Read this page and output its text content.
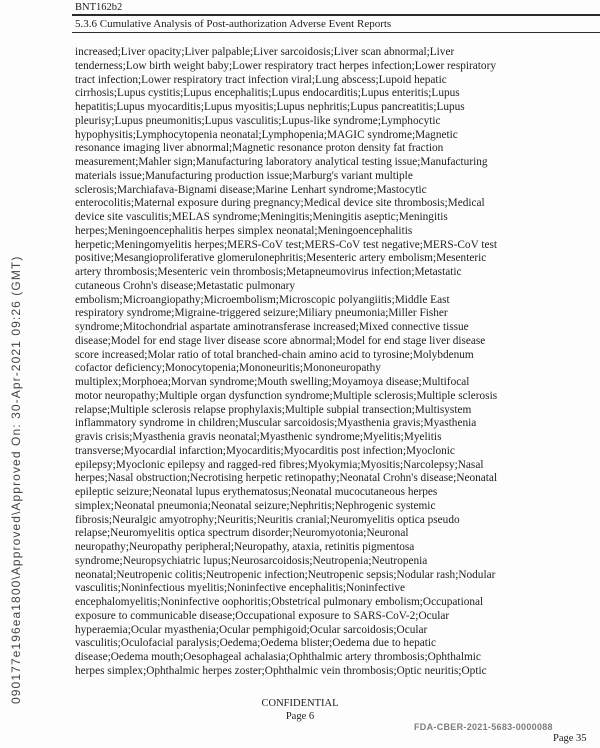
090177e196ea1800\Approved\Approved On: 30-Apr-2021 09:26 (GMT)
BNT162b2
5.3.6 Cumulative Analysis of Post-authorization Adverse Event Reports
increased;Liver opacity;Liver palpable;Liver sarcoidosis;Liver scan abnormal;Liver
tenderness;Low birth weight baby;Lower respiratory tract herpes infection;Lower respiratory
tract infection;Lower respiratory tract infection viral;Lung abscess;Lupoid hepatic
cirrhosis;Lupus cystitis;Lupus encephalitis;Lupus endocarditis;Lupus enteritis;Lupus
hepatitis;Lupus myocarditis;Lupus myositis;Lupus nephritis;Lupus pancreatitis;Lupus
pleurisy;Lupus pneumonitis;Lupus vasculitis;Lupus-like syndrome;Lymphocytic
hypophysitis;Lymphocytopenia neonatal;Lymphopenia;MAGIC syndrome;Magnetic
resonance imaging liver abnormal;Magnetic resonance proton density fat fraction
measurement;Mahler sign;Manufacturing laboratory analytical testing issue;Manufacturing
materials issue;Manufacturing production issue;Marburg's variant multiple
sclerosis;Marchiafava-Bignami disease;Marine Lenhart syndrome;Mastocytic
enterocolitis;Maternal exposure during pregnancy;Medical device site thrombosis;Medical
device site vasculitis;MELAS syndrome;Meningitis;Meningitis aseptic;Meningitis
herpes;Meningoencephalitis herpes simplex neonatal;Meningoencephalitis
herpetic;Meningomyelitis herpes;MERS-CoV test;MERS-CoV test negative;MERS-CoV test
positive;Mesangioproliferative glomerulonephritis;Mesenteric artery embolism;Mesenteric
artery thrombosis;Mesenteric vein thrombosis;Metapneumovirus infection;Metastatic
cutaneous Crohn's disease;Metastatic pulmonary
embolism;Microangiopathy;Microembolism;Microscopic polyangiitis;Middle East
respiratory syndrome;Migraine-triggered seizure;Miliary pneumonia;Miller Fisher
syndrome;Mitochondrial aspartate aminotransferase increased;Mixed connective tissue
disease;Model for end stage liver disease score abnormal;Model for end stage liver disease
score increased;Molar ratio of total branched-chain amino acid to tyrosine;Molybdenum
cofactor deficiency;Monocytopenia;Mononeuritis;Mononeuropathy
multiplex;Morphoea;Morvan syndrome;Mouth swelling;Moyamoya disease;Multifocal
motor neuropathy;Multiple organ dysfunction syndrome;Multiple sclerosis;Multiple sclerosis
relapse;Multiple sclerosis relapse prophylaxis;Multiple subpial transection;Multisystem
inflammatory syndrome in children;Muscular sarcoidosis;Myasthenia gravis;Myasthenia
gravis crisis;Myasthenia gravis neonatal;Myasthenic syndrome;Myelitis;Myelitis
transverse;Myocardial infarction;Myocarditis;Myocarditis post infection;Myoclonic
epilepsy;Myoclonic epilepsy and ragged-red fibres;Myokymia;Myositis;Narcolepsy;Nasal
herpes;Nasal obstruction;Necrotising herpetic retinopathy;Neonatal Crohn's disease;Neonatal
epileptic seizure;Neonatal lupus erythematosus;Neonatal mucocutaneous herpes
simplex;Neonatal pneumonia;Neonatal seizure;Nephritis;Nephrogenic systemic
fibrosis;Neuralgic amyotrophy;Neuritis;Neuritis cranial;Neuromyelitis optica pseudo
relapse;Neuromyelitis optica spectrum disorder;Neuromyotonia;Neuronal
neuropathy;Neuropathy peripheral;Neuropathy, ataxia, retinitis pigmentosa
syndrome;Neuropsychiatric lupus;Neurosarcoidosis;Neutropenia;Neutropenia
neonatal;Neutropenic colitis;Neutropenic infection;Neutropenic sepsis;Nodular rash;Nodular
vasculitis;Noninfectious myelitis;Noninfective encephalitis;Noninfective
encephalomyelitis;Noninfective oophoritis;Obstetrical pulmonary embolism;Occupational
exposure to communicable disease;Occupational exposure to SARS-CoV-2;Ocular
hyperaemia;Ocular myasthenia;Ocular pemphigoid;Ocular sarcoidosis;Ocular
vasculitis;Oculofacial paralysis;Oedema;Oedema blister;Oedema due to hepatic
disease;Oedema mouth;Oesophageal achalasia;Ophthalmic artery thrombosis;Ophthalmic
herpes simplex;Ophthalmic herpes zoster;Ophthalmic vein thrombosis;Optic neuritis;Optic
CONFIDENTIAL
Page 6
FDA-CBER-2021-5683-0000088
Page 35
